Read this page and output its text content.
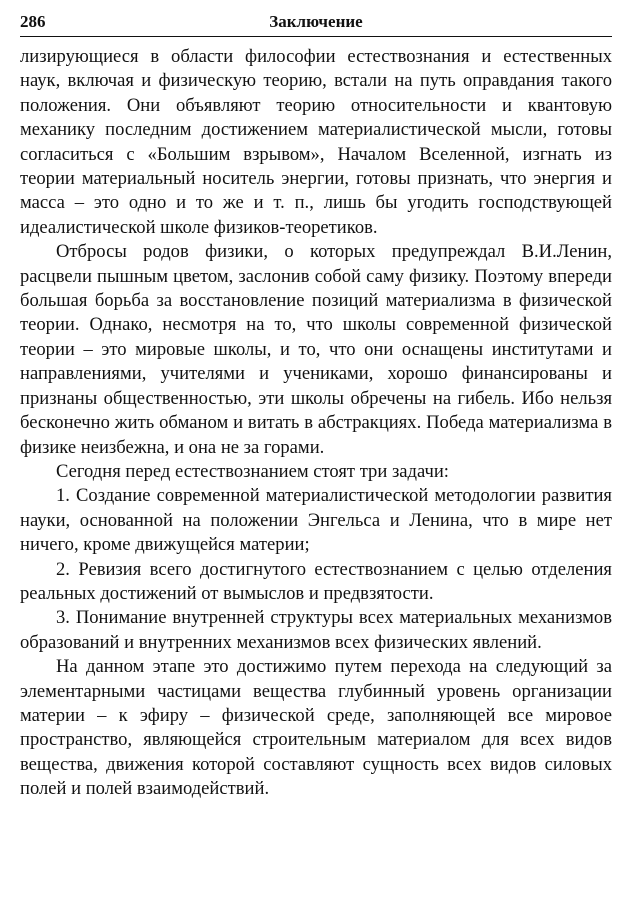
286	Заключение

лизирующиеся в области философии естествознания и естественных наук, включая и физическую теорию, встали на путь оправдания такого положения. Они объявляют теорию относительности и квантовую механику последним достижением материалистической мысли, готовы согласиться с «Большим взрывом», Началом Вселенной, изгнать из теории материальный носитель энергии, готовы признать, что энергия и масса – это одно и то же и т. п., лишь бы угодить господствующей идеалистической школе физиков-теоретиков.

Отбросы родов физики, о которых предупреждал В.И.Ленин, расцвели пышным цветом, заслонив собой саму физику. Поэтому впереди большая борьба за восстановление позиций материализма в физической теории. Однако, несмотря на то, что школы современной физической теории – это мировые школы, и то, что они оснащены институтами и направлениями, учителями и учениками, хорошо финансированы и признаны общественностью, эти школы обречены на гибель. Ибо нельзя бесконечно жить обманом и витать в абстракциях. Победа материализма в физике неизбежна, и она не за горами.

Сегодня перед естествознанием стоят три задачи:

1. Создание современной материалистической методологии развития науки, основанной на положении Энгельса и Ленина, что в мире нет ничего, кроме движущейся материи;

2. Ревизия всего достигнутого естествознанием с целью отделения реальных достижений от вымыслов и предвзятости.

3. Понимание внутренней структуры всех материальных механизмов образований и внутренних механизмов всех физических явлений.

На данном этапе это достижимо путем перехода на следующий за элементарными частицами вещества глубинный уровень организации материи – к эфиру – физической среде, заполняющей все мировое пространство, являющейся строительным материалом для всех видов вещества, движения которой составляют сущность всех видов силовых полей и полей взаимодействий.
